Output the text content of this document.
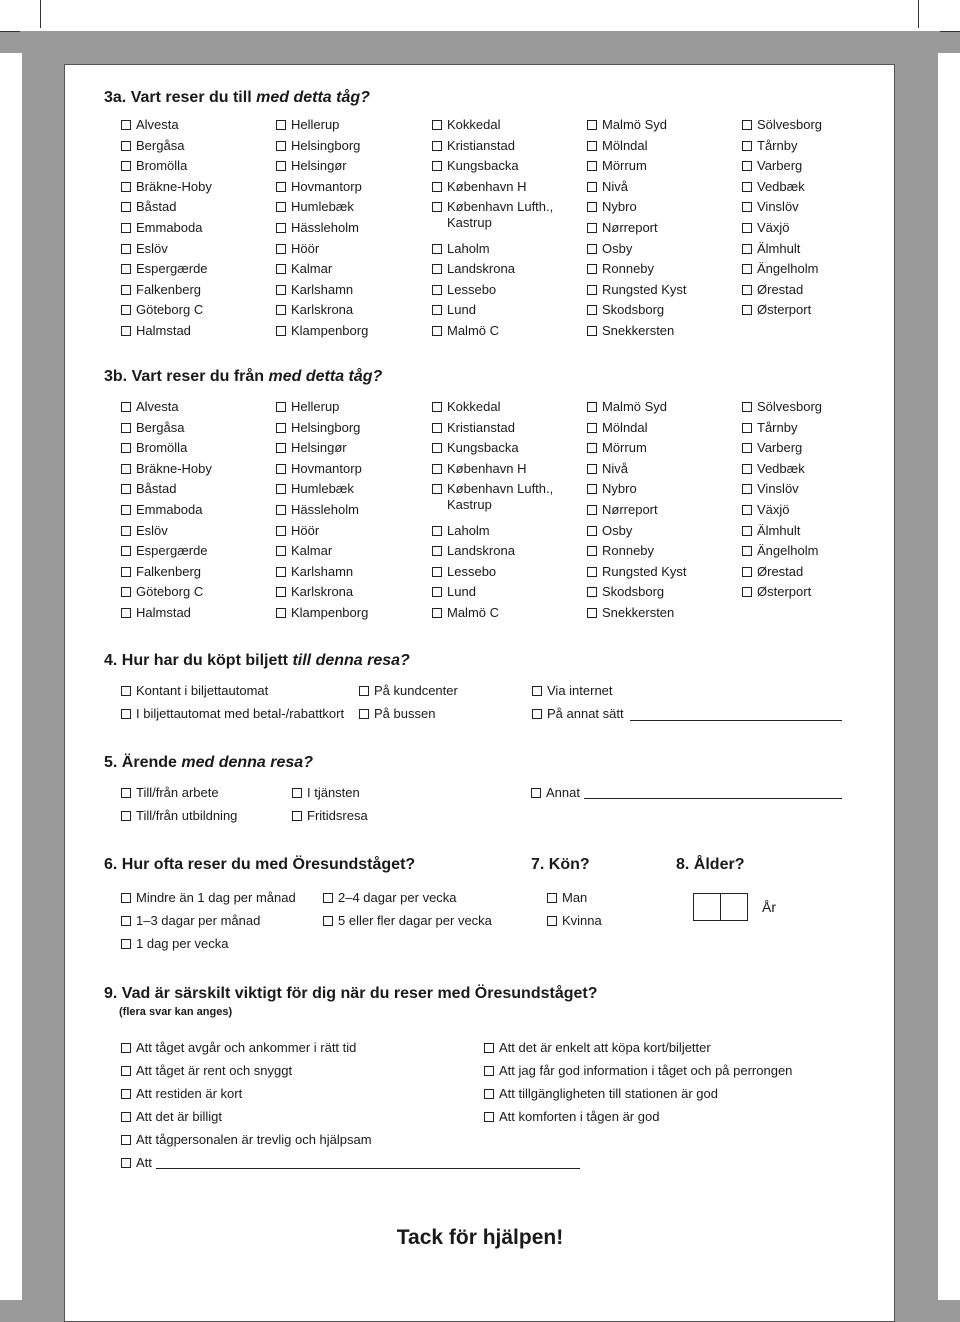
3a. Vart reser du till med detta tåg?
Alvesta
Bergåsa
Bromölla
Bräkne-Hoby
Båstad
Emmaboda
Eslöv
Espergærde
Falkenberg
Göteborg C
Halmstad
Hellerup
Helsingborg
Helsingør
Hovmantorp
Humlebæk
Hässleholm
Höör
Kalmar
Karlshamn
Karlskrona
Klampenborg
Kokkedal
Kristianstad
Kungsbacka
København H
København Lufth.,
Kastrup
Laholm
Landskrona
Lessebo
Lund
Malmö C
Malmö Syd
Mölndal
Mörrum
Nivå
Nybro
Nørreport
Osby
Ronneby
Rungsted Kyst
Skodsborg
Snekkersten
Sölvesborg
Tårnby
Varberg
Vedbæk
Vinslöv
Växjö
Älmhult
Ängelholm
Ørestad
Østerport
3b. Vart reser du från med detta tåg?
Alvesta
Bergåsa
Bromölla
Bräkne-Hoby
Båstad
Emmaboda
Eslöv
Espergærde
Falkenberg
Göteborg C
Halmstad
Hellerup
Helsingborg
Helsingør
Hovmantorp
Humlebæk
Hässleholm
Höör
Kalmar
Karlshamn
Karlskrona
Klampenborg
Kokkedal
Kristianstad
Kungsbacka
København H
København Lufth.,
Kastrup
Laholm
Landskrona
Lessebo
Lund
Malmö C
Malmö Syd
Mölndal
Mörrum
Nivå
Nybro
Nørreport
Osby
Ronneby
Rungsted Kyst
Skodsborg
Snekkersten
Sölvesborg
Tårnby
Varberg
Vedbæk
Vinslöv
Växjö
Älmhult
Ängelholm
Ørestad
Østerport
4. Hur har du köpt biljett till denna resa?
Kontant i biljettautomat
I biljettautomat med betal-/rabattkort
På kundcenter
På bussen
Via internet
På annat sätt
5. Ärende med denna resa?
Till/från arbete
Till/från utbildning
I tjänsten
Fritidsresa
Annat
6. Hur ofta reser du med Öresundståget?	7. Kön?	8. Ålder?
Mindre än 1 dag per månad
1–3 dagar per månad
1 dag per vecka
2–4 dagar per vecka
5 eller fler dagar per vecka
Man
Kvinna
År
9. Vad är särskilt viktigt för dig när du reser med Öresundståget?
(flera svar kan anges)
Att tåget avgår och ankommer i rätt tid
Att tåget är rent och snyggt
Att restiden är kort
Att det är billigt
Att tågpersonalen är trevlig och hjälpsam
Att
Att det är enkelt att köpa kort/biljetter
Att jag får god information i tåget och på perrongen
Att tillgängligheten till stationen är god
Att komforten i tågen är god
Tack för hjälpen!
